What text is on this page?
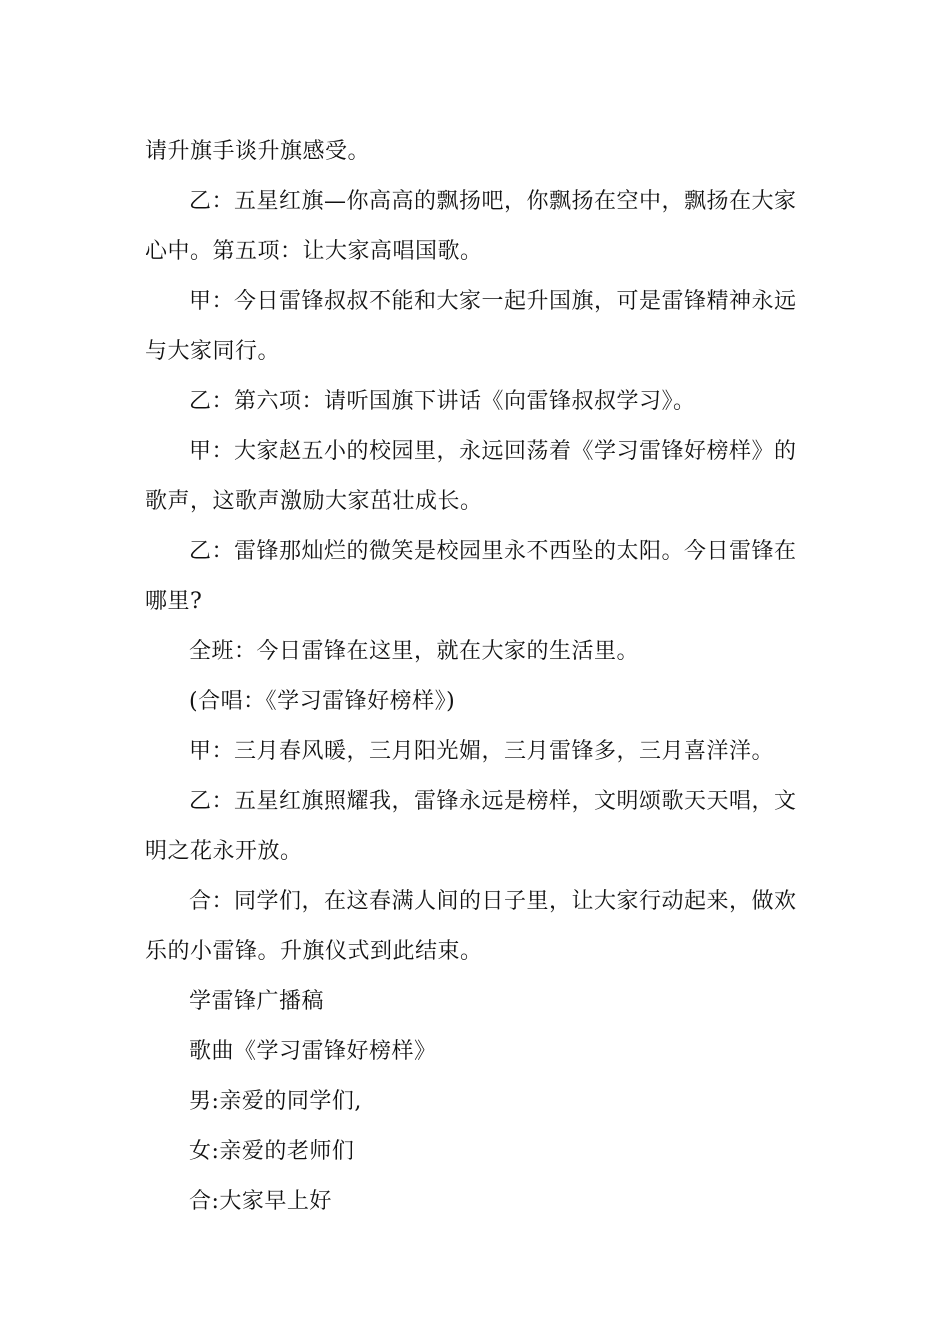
请升旗手谈升旗感受。

乙：五星红旗—你高高的飘扬吧，你飘扬在空中，飘扬在大家心中。第五项：让大家高唱国歌。

甲：今日雷锋叔叔不能和大家一起升国旗，可是雷锋精神永远与大家同行。

乙：第六项：请听国旗下讲话《向雷锋叔叔学习》。

甲：大家赵五小的校园里，永远回荡着《学习雷锋好榜样》的歌声，这歌声激励大家茁壮成长。

乙：雷锋那灿烂的微笑是校园里永不西坠的太阳。今日雷锋在哪里?

全班：今日雷锋在这里，就在大家的生活里。

(合唱：《学习雷锋好榜样》)

甲：三月春风暖，三月阳光媚，三月雷锋多，三月喜洋洋。

乙：五星红旗照耀我，雷锋永远是榜样，文明颂歌天天唱，文明之花永开放。

合：同学们，在这春满人间的日子里，让大家行动起来，做欢乐的小雷锋。升旗仪式到此结束。

学雷锋广播稿

歌曲《学习雷锋好榜样》

男:亲爱的同学们,

女:亲爱的老师们

合:大家早上好
